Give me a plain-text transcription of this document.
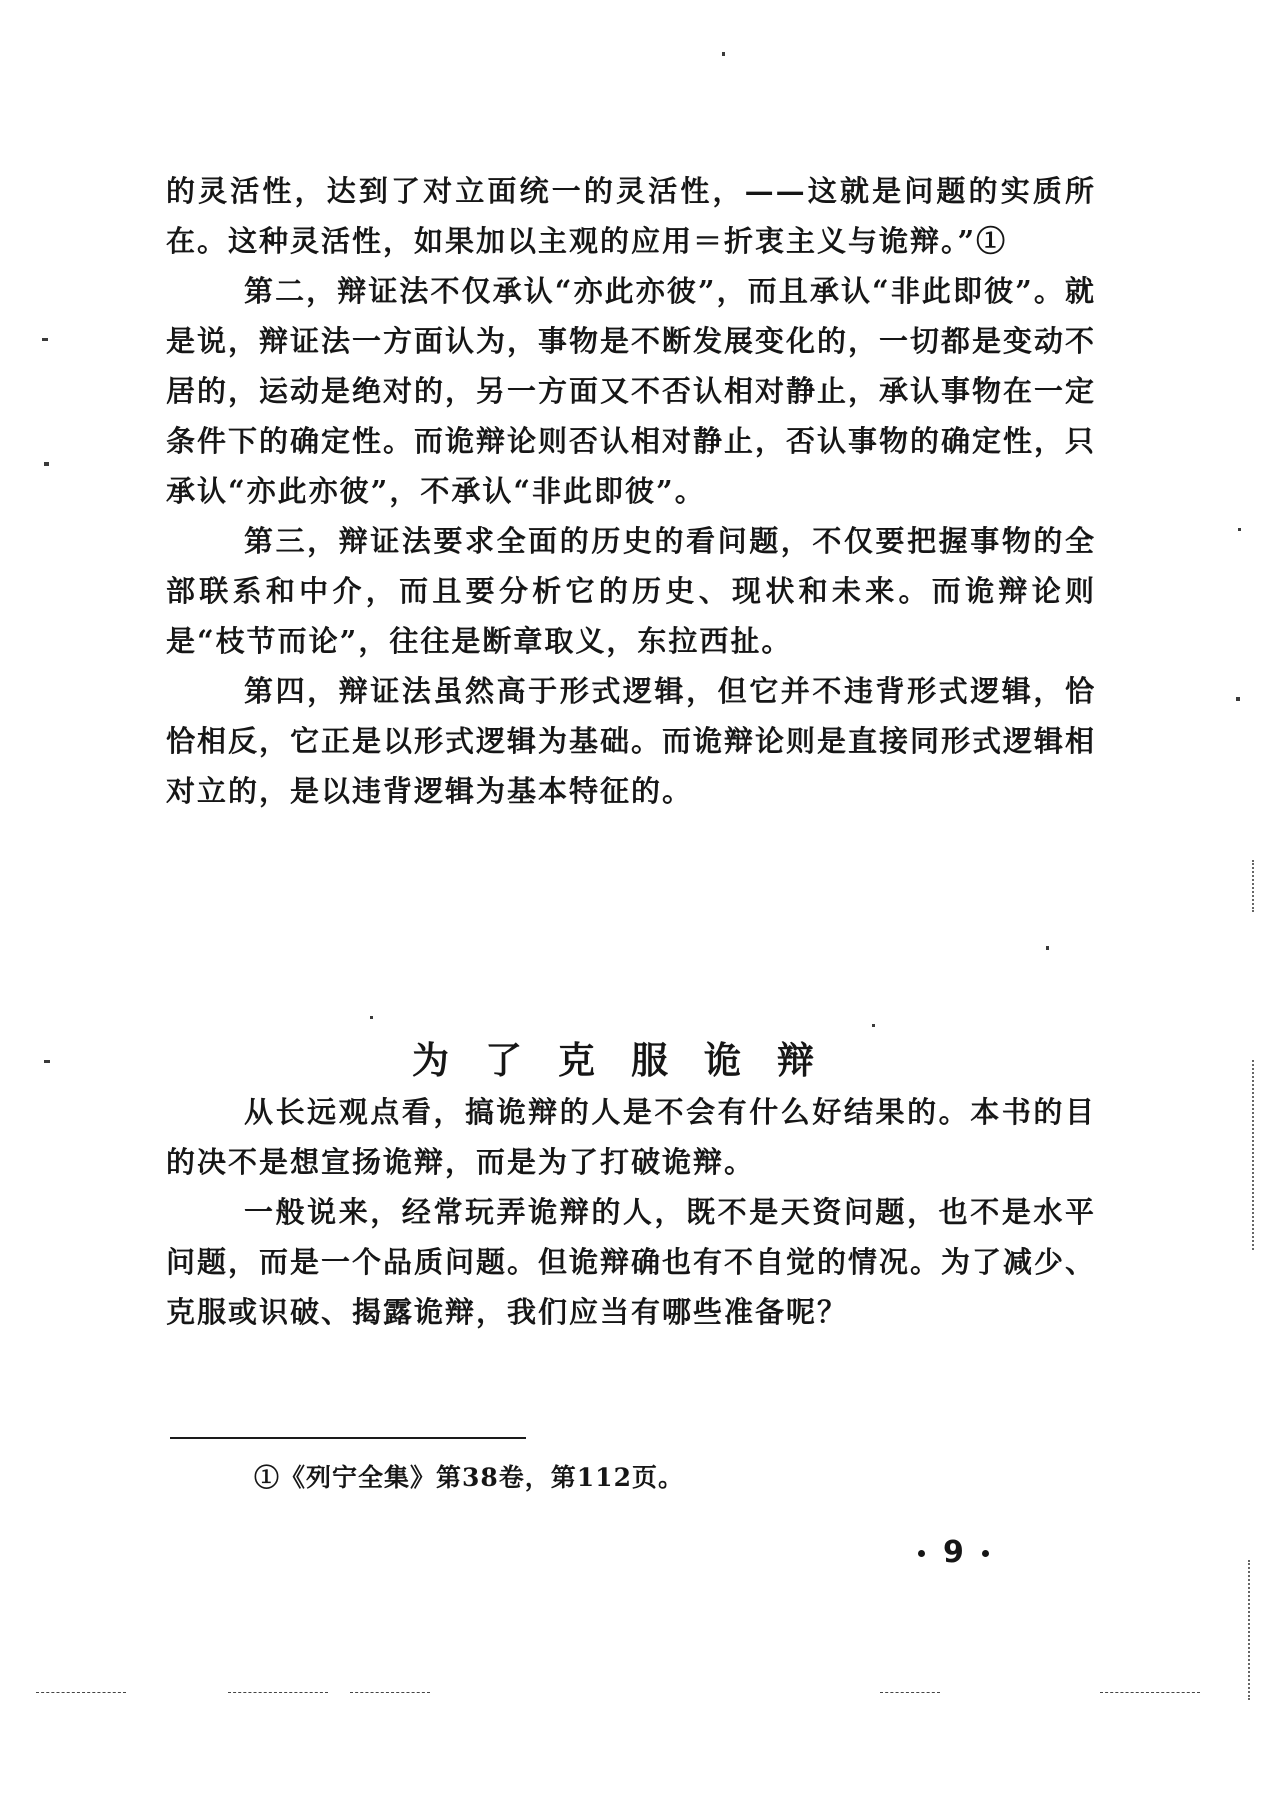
的灵活性，达到了对立面统一的灵活性，——这就是问题的实质所在。这种灵活性，如果加以主观的应用＝折衷主义与诡辩。”①

第二，辩证法不仅承认“亦此亦彼”，而且承认“非此即彼”。就是说，辩证法一方面认为，事物是不断发展变化的，一切都是变动不居的，运动是绝对的，另一方面又不否认相对静止，承认事物在一定条件下的确定性。而诡辩论则否认相对静止，否认事物的确定性，只承认“亦此亦彼”，不承认“非此即彼”。

第三，辩证法要求全面的历史的看问题，不仅要把握事物的全部联系和中介，而且要分析它的历史、现状和未来。而诡辩论则是“枝节而论”，往往是断章取义，东拉西扯。

第四，辩证法虽然高于形式逻辑，但它并不违背形式逻辑，恰恰相反，它正是以形式逻辑为基础。而诡辩论则是直接同形式逻辑相对立的，是以违背逻辑为基本特征的。

为了克服诡辩

从长远观点看，搞诡辩的人是不会有什么好结果的。本书的目的决不是想宣扬诡辩，而是为了打破诡辩。

一般说来，经常玩弄诡辩的人，既不是天资问题，也不是水平问题，而是一个品质问题。但诡辩确也有不自觉的情况。为了减少、克服或识破、揭露诡辩，我们应当有哪些准备呢？

①《列宁全集》第38卷，第112页。

9
